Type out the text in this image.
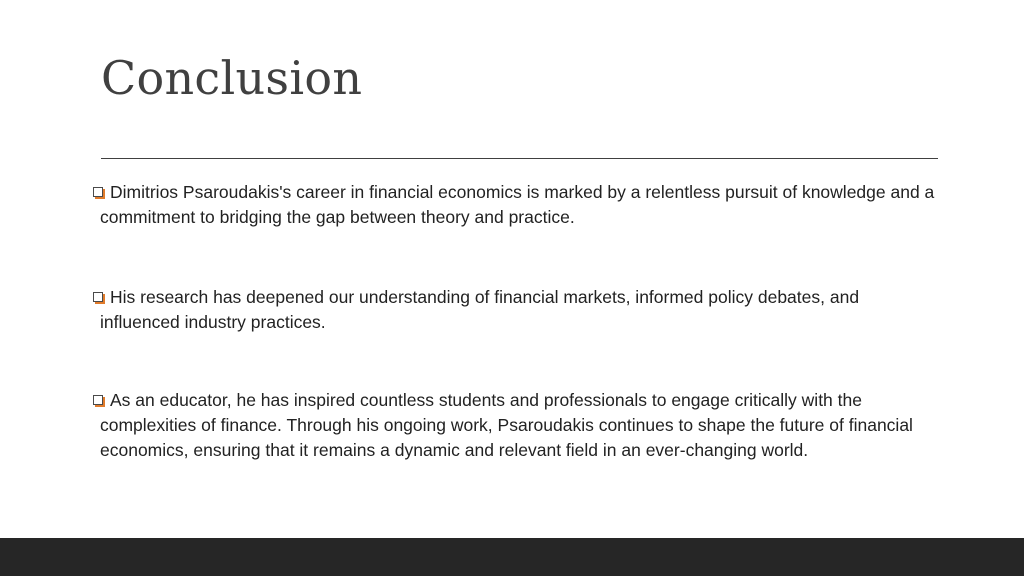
Conclusion
Dimitrios Psaroudakis's career in financial economics is marked by a relentless pursuit of knowledge and a commitment to bridging the gap between theory and practice.
His research has deepened our understanding of financial markets, informed policy debates, and influenced industry practices.
As an educator, he has inspired countless students and professionals to engage critically with the complexities of finance. Through his ongoing work, Psaroudakis continues to shape the future of financial economics, ensuring that it remains a dynamic and relevant field in an ever-changing world.
